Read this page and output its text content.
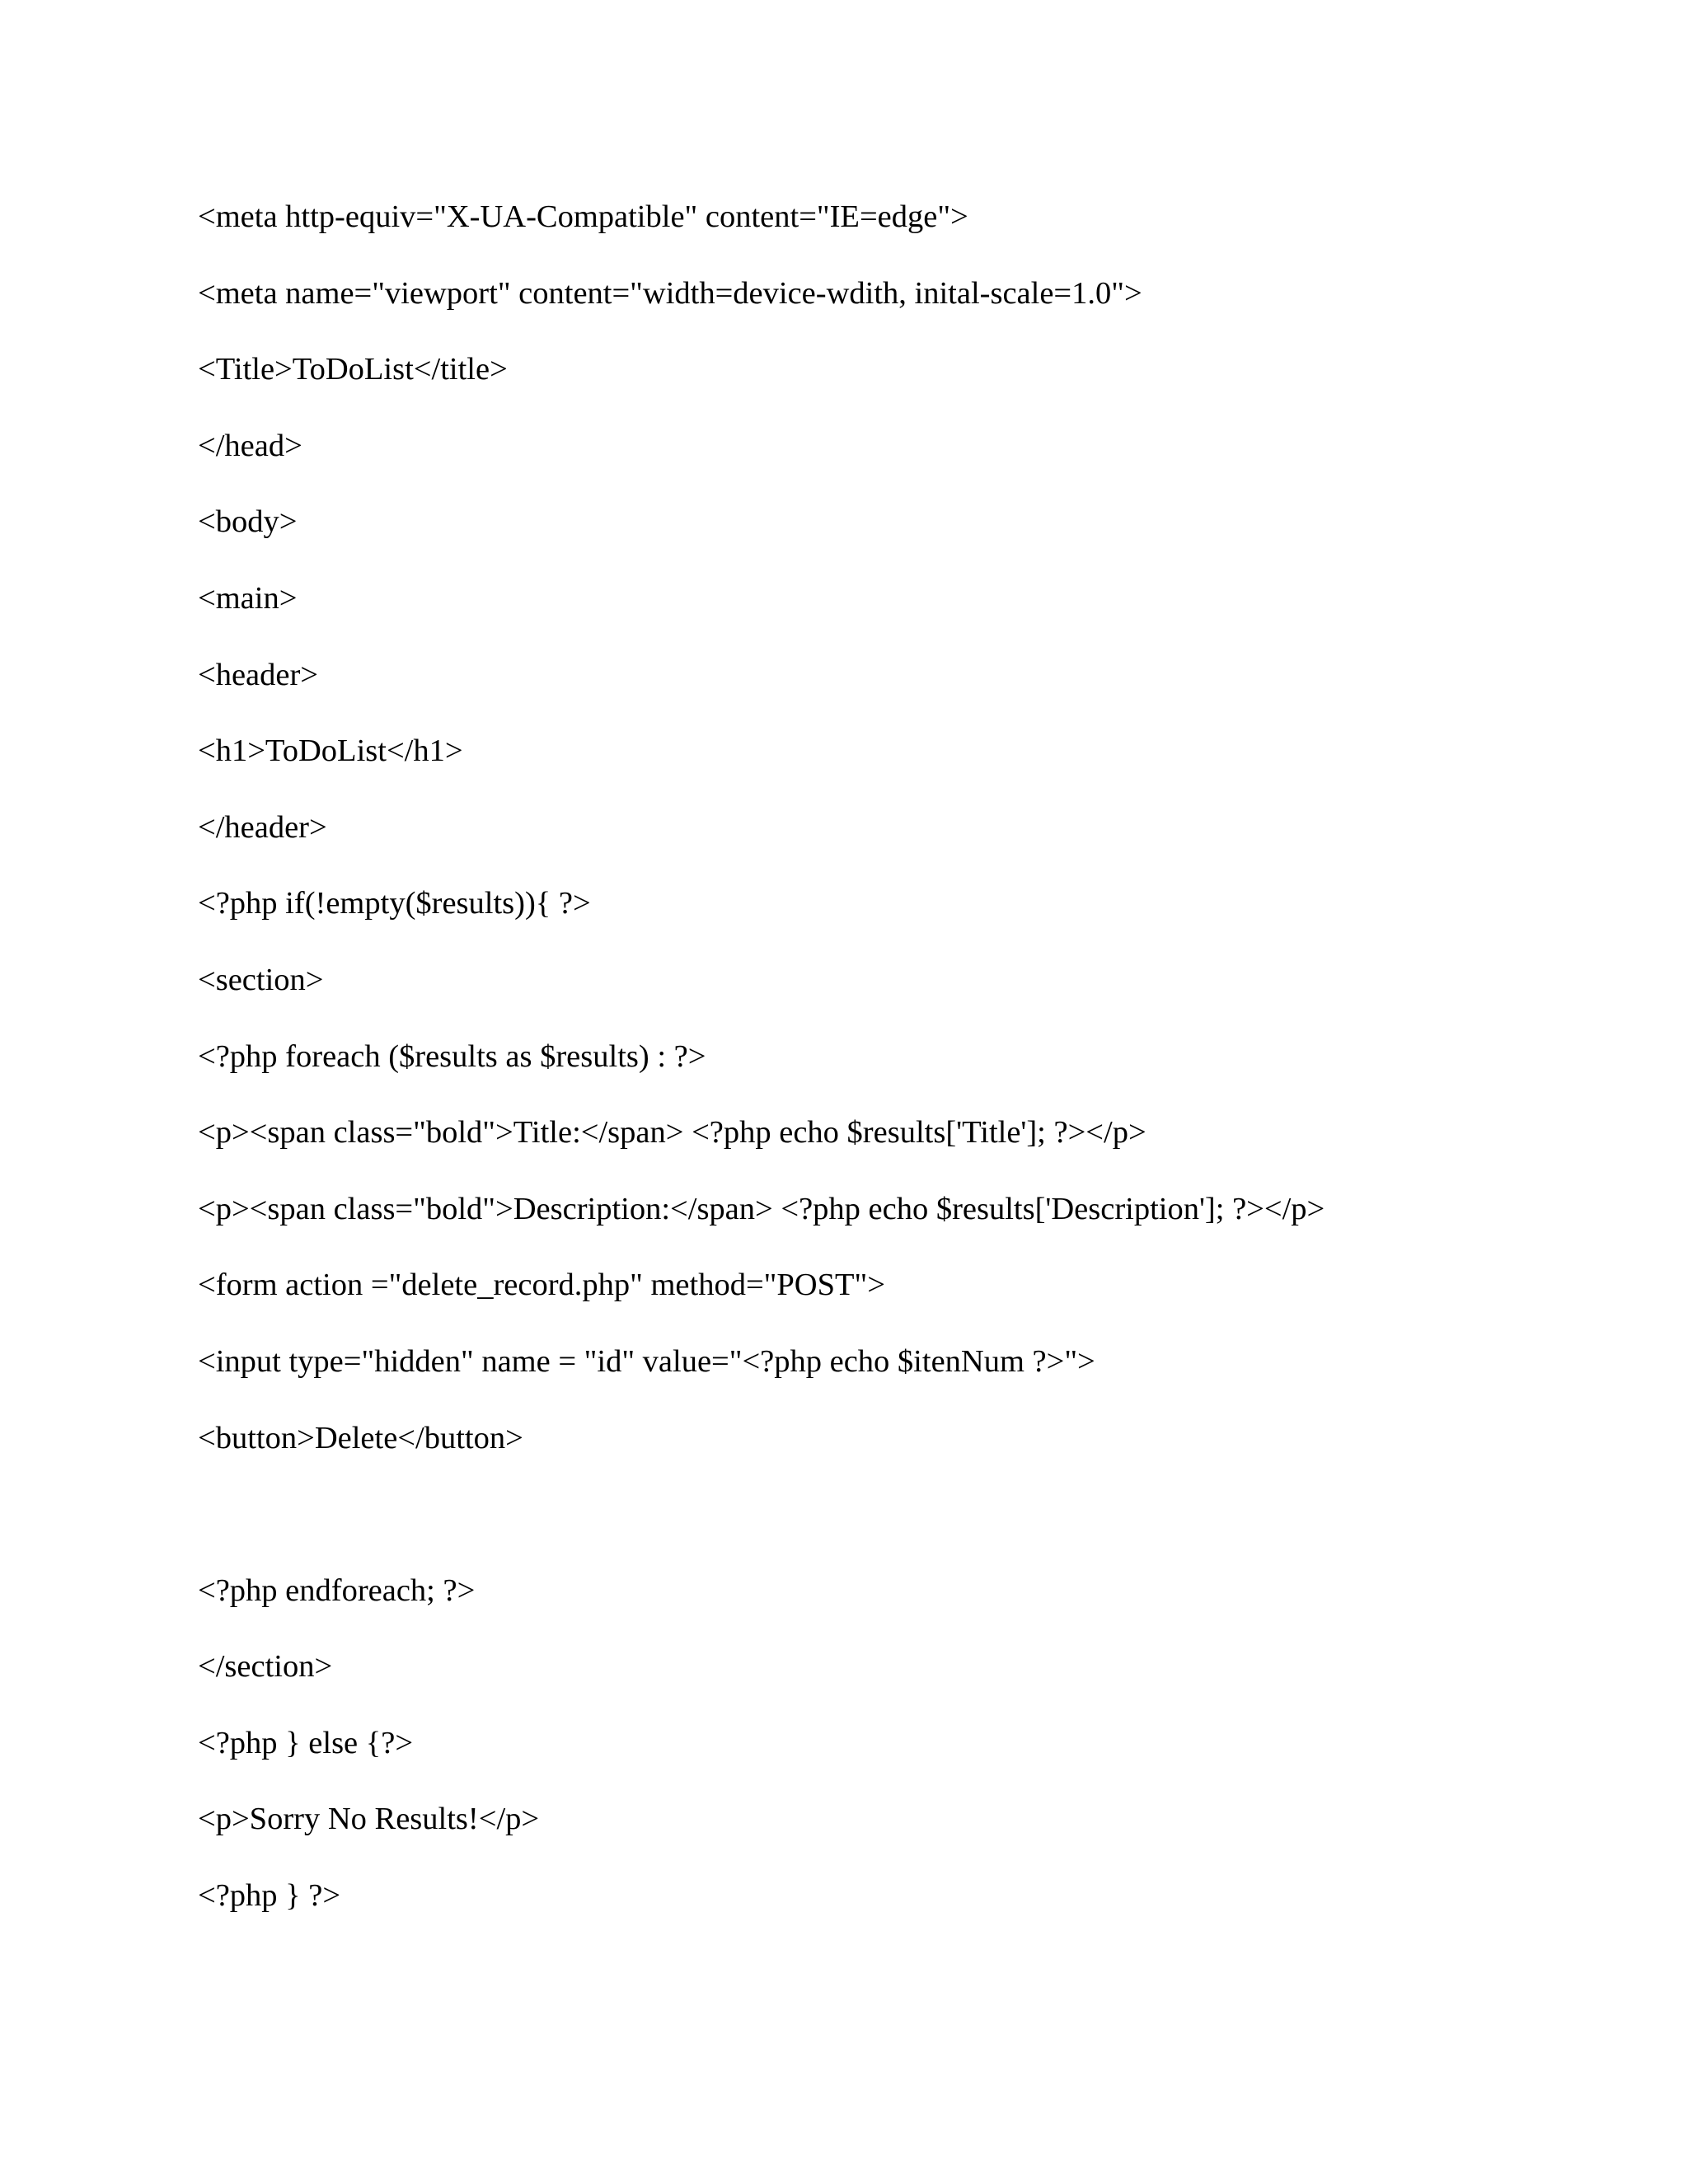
<meta http-equiv="X-UA-Compatible" content="IE=edge">
<meta name="viewport" content="width=device-wdith, inital-scale=1.0">
<Title>ToDoList</title>
</head>
<body>
<main>
<header>
<h1>ToDoList</h1>
</header>
<?php if(!empty($results)){ ?>
<section>
<?php foreach ($results as $results) : ?>
<p><span class="bold">Title:</span> <?php echo $results['Title']; ?></p>
<p><span class="bold">Description:</span> <?php echo $results['Description']; ?></p>
<form action ="delete_record.php" method="POST">
<input type="hidden" name = "id" value="<?php echo $itenNum ?>">
<button>Delete</button>
<?php endforeach; ?>
</section>
<?php } else {?>
<p>Sorry No Results!</p>
<?php } ?>
